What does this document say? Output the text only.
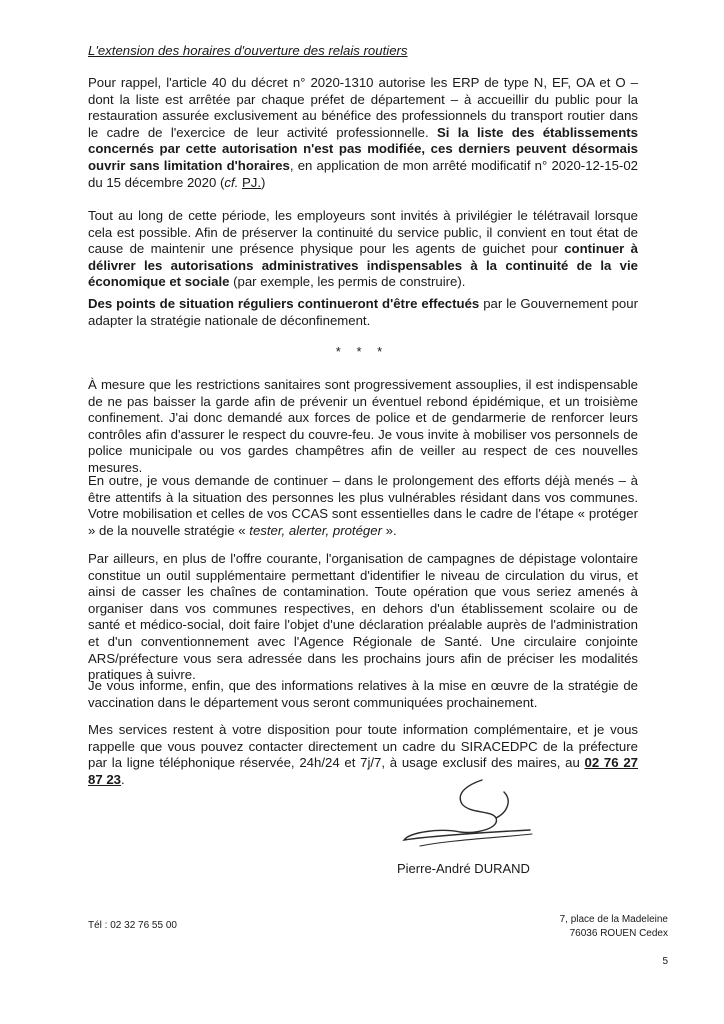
L'extension des horaires d'ouverture des relais routiers

Pour rappel, l'article 40 du décret n° 2020-1310 autorise les ERP de type N, EF, OA et O – dont la liste est arrêtée par chaque préfet de département – à accueillir du public pour la restauration assurée exclusivement au bénéfice des professionnels du transport routier dans le cadre de l'exercice de leur activité professionnelle. Si la liste des établissements concernés par cette autorisation n'est pas modifiée, ces derniers peuvent désormais ouvrir sans limitation d'horaires, en application de mon arrêté modificatif n° 2020-12-15-02 du 15 décembre 2020 (cf. PJ.)

Tout au long de cette période, les employeurs sont invités à privilégier le télétravail lorsque cela est possible. Afin de préserver la continuité du service public, il convient en tout état de cause de maintenir une présence physique pour les agents de guichet pour continuer à délivrer les autorisations administratives indispensables à la continuité de la vie économique et sociale (par exemple, les permis de construire).

Des points de situation réguliers continueront d'être effectués par le Gouvernement pour adapter la stratégie nationale de déconfinement.

* * *

À mesure que les restrictions sanitaires sont progressivement assouplies, il est indispensable de ne pas baisser la garde afin de prévenir un éventuel rebond épidémique, et un troisième confinement. J'ai donc demandé aux forces de police et de gendarmerie de renforcer leurs contrôles afin d'assurer le respect du couvre-feu. Je vous invite à mobiliser vos personnels de police municipale ou vos gardes champêtres afin de veiller au respect de ces nouvelles mesures.

En outre, je vous demande de continuer – dans le prolongement des efforts déjà menés – à être attentifs à la situation des personnes les plus vulnérables résidant dans vos communes. Votre mobilisation et celles de vos CCAS sont essentielles dans le cadre de l'étape « protéger » de la nouvelle stratégie « tester, alerter, protéger ».

Par ailleurs, en plus de l'offre courante, l'organisation de campagnes de dépistage volontaire constitue un outil supplémentaire permettant d'identifier le niveau de circulation du virus, et ainsi de casser les chaînes de contamination. Toute opération que vous seriez amenés à organiser dans vos communes respectives, en dehors d'un établissement scolaire ou de santé et médico-social, doit faire l'objet d'une déclaration préalable auprès de l'administration et d'un conventionnement avec l'Agence Régionale de Santé. Une circulaire conjointe ARS/préfecture vous sera adressée dans les prochains jours afin de préciser les modalités pratiques à suivre.

Je vous informe, enfin, que des informations relatives à la mise en œuvre de la stratégie de vaccination dans le département vous seront communiquées prochainement.

Mes services restent à votre disposition pour toute information complémentaire, et je vous rappelle que vous pouvez contacter directement un cadre du SIRACEDPC de la préfecture par la ligne téléphonique réservée, 24h/24 et 7j/7, à usage exclusif des maires, au 02 76 27 87 23.

Pierre-André DURAND
Tél : 02 32 76 55 00
7, place de la Madeleine
76036 ROUEN Cedex
5
